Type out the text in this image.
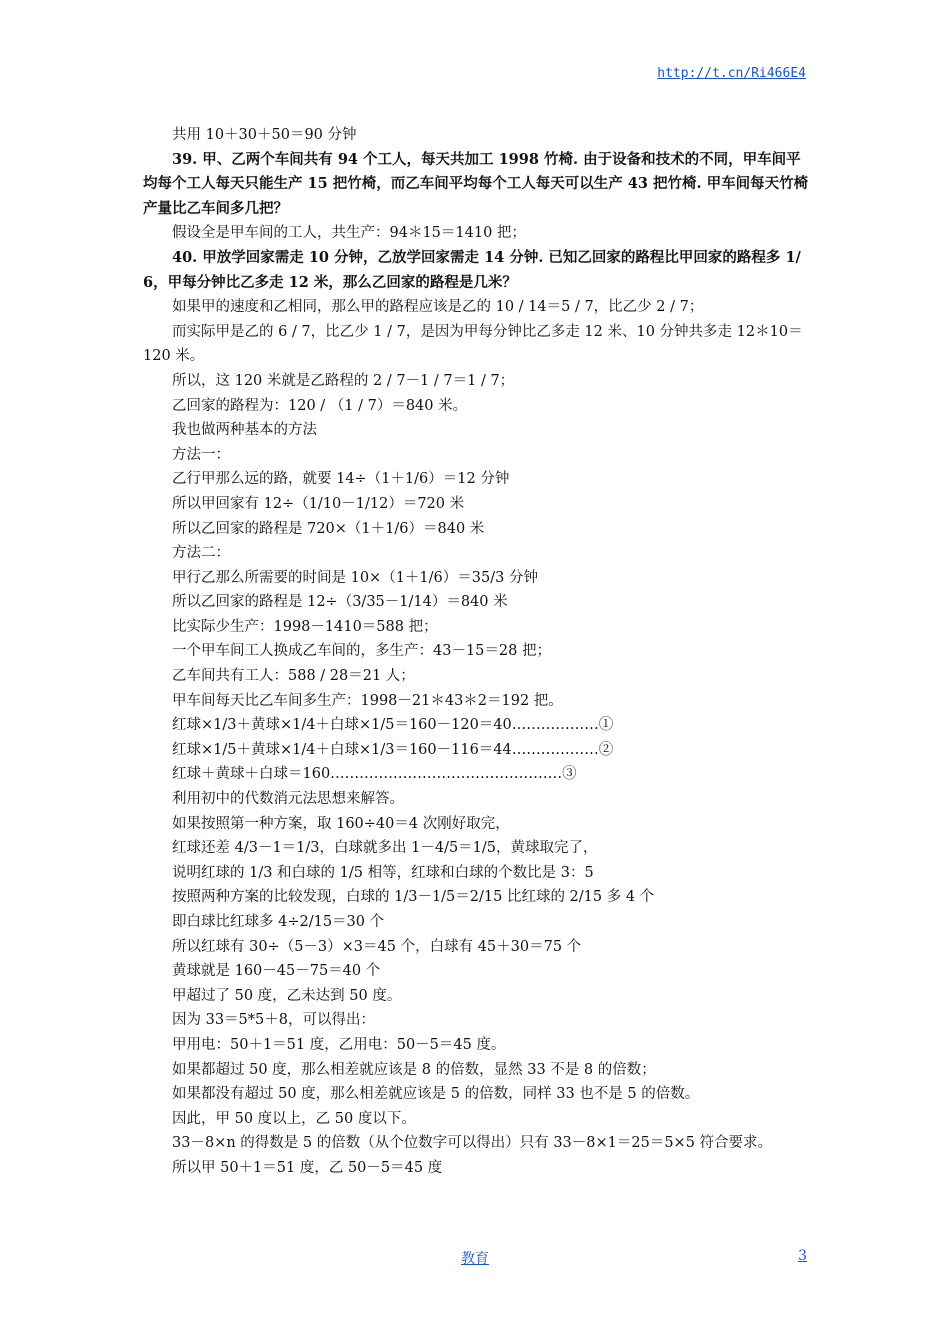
http://t.cn/Ri466E4

共用 10＋30＋50＝90 分钟

39. 甲、乙两个车间共有 94 个工人，每天共加工 1998 竹椅. 由于设备和技术的不同，甲车间平均每个工人每天只能生产 15 把竹椅，而乙车间平均每个工人每天可以生产 43 把竹椅. 甲车间每天竹椅产量比乙车间多几把？

假设全是甲车间的工人，共生产：94＊15＝1410 把；

40. 甲放学回家需走 10 分钟，乙放学回家需走 14 分钟. 已知乙回家的路程比甲回家的路程多 1/6，甲每分钟比乙多走 12 米，那么乙回家的路程是几米？

如果甲的速度和乙相同，那么甲的路程应该是乙的 10 / 14＝5 / 7，比乙少 2 / 7；

而实际甲是乙的 6 / 7，比乙少 1 / 7，是因为甲每分钟比乙多走 12 米、10 分钟共多走 12＊10＝120 米。

所以，这 120 米就是乙路程的 2 / 7－1 / 7＝1 / 7；

乙回家的路程为：120 / （1 / 7）＝840 米。

我也做两种基本的方法

方法一：

乙行甲那么远的路，就要 14÷（1＋1/6）＝12 分钟

所以甲回家有 12÷（1/10－1/12）＝720 米

所以乙回家的路程是 720×（1＋1/6）＝840 米

方法二：

甲行乙那么所需要的时间是 10×（1＋1/6）＝35/3 分钟

所以乙回家的路程是 12÷（3/35－1/14）＝840 米

比实际少生产：1998－1410＝588 把；

一个甲车间工人换成乙车间的，多生产：43－15＝28 把；

乙车间共有工人：588 / 28＝21 人；

甲车间每天比乙车间多生产：1998－21＊43＊2＝192 把。

红球×1/3＋黄球×1/4＋白球×1/5＝160－120＝40………………①

红球×1/5＋黄球×1/4＋白球×1/3＝160－116＝44………………②

红球＋黄球＋白球＝160…………………………………………③

利用初中的代数消元法思想来解答。

如果按照第一种方案，取 160÷40＝4 次刚好取完，

红球还差 4/3－1＝1/3，白球就多出 1－4/5＝1/5，黄球取完了，

说明红球的 1/3 和白球的 1/5 相等，红球和白球的个数比是 3：5

按照两种方案的比较发现，白球的 1/3－1/5＝2/15 比红球的 2/15 多 4 个

即白球比红球多 4÷2/15＝30 个

所以红球有 30÷（5－3）×3＝45 个，白球有 45＋30＝75 个

黄球就是 160－45－75＝40 个

甲超过了 50 度，乙未达到 50 度。

因为 33＝5*5＋8，可以得出：

甲用电：50＋1＝51 度，乙用电：50－5＝45 度。

如果都超过 50 度，那么相差就应该是 8 的倍数，显然 33 不是 8 的倍数；

如果都没有超过 50 度，那么相差就应该是 5 的倍数，同样 33 也不是 5 的倍数。

因此，甲 50 度以上，乙 50 度以下。

33－8×n 的得数是 5 的倍数（从个位数字可以得出）只有 33－8×1＝25＝5×5 符合要求。

所以甲 50＋1＝51 度，乙 50－5＝45 度

教育	3
